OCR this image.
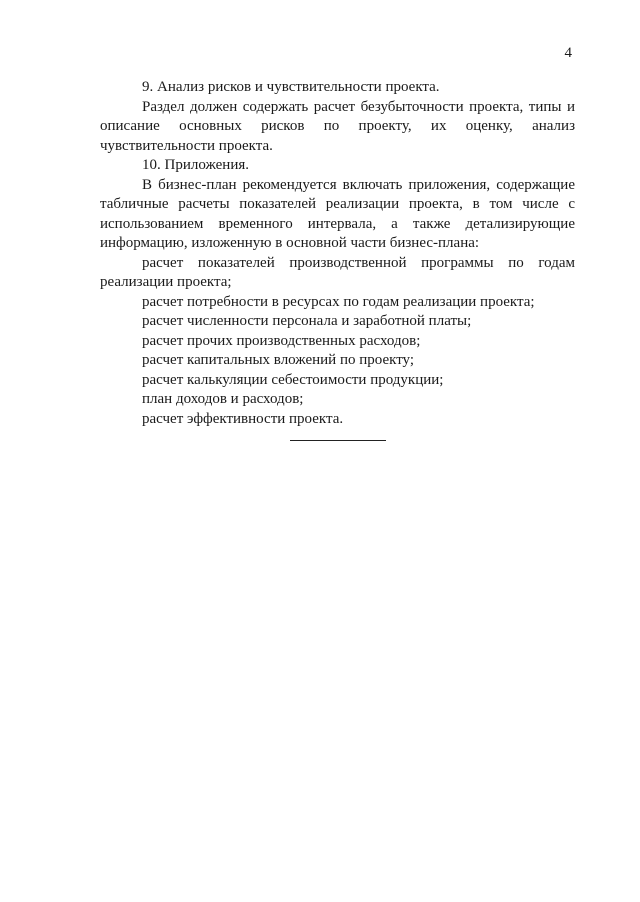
4

9. Анализ рисков и чувствительности проекта.

Раздел должен содержать расчет безубыточности проекта, типы и описание основных рисков по проекту, их оценку, анализ чувствительности проекта.

10. Приложения.

В бизнес-план рекомендуется включать приложения, содержащие табличные расчеты показателей реализации проекта, в том числе с использованием временного интервала, а также детализирующие информацию, изложенную в основной части бизнес-плана:

расчет показателей производственной программы по годам реализации проекта;

расчет потребности в ресурсах по годам реализации проекта;

расчет численности персонала и заработной платы;

расчет прочих производственных расходов;

расчет капитальных вложений по проекту;

расчет калькуляции себестоимости продукции;

план доходов и расходов;

расчет эффективности проекта.
